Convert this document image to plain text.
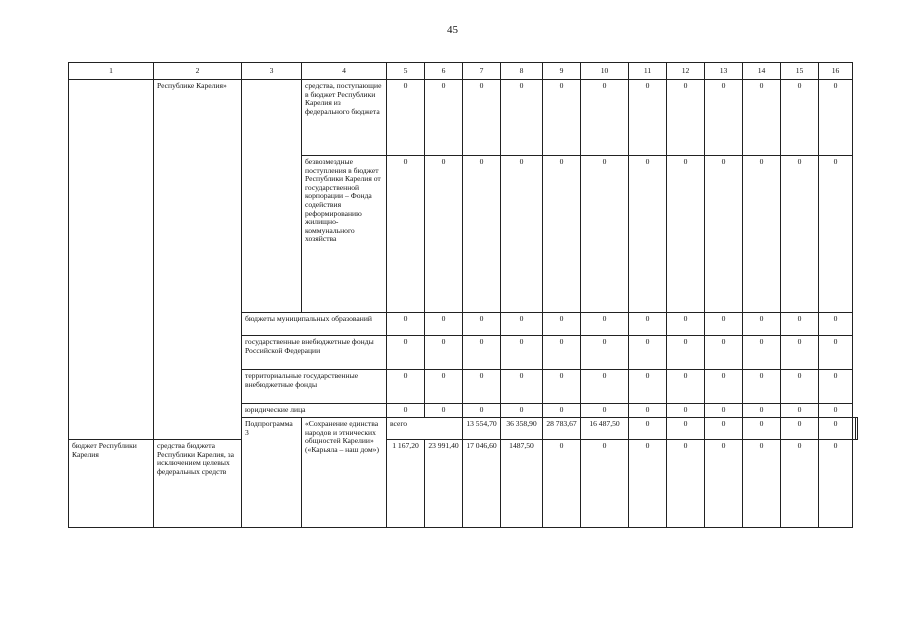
45
1	2	3	4	5	6	7	8	9	10	11	12	13	14	15	16		
	Республике Карелия»		средства, поступающие в бюджет Республики Карелия из федерального бюджета	0	0	0	0	0	0	0	0	0	0	0	0		
			безвозмездные поступления в бюджет Республики Карелия от государственной корпорации – Фонда содействия реформированию жилищно-коммунального хозяйства	0	0	0	0	0	0	0	0	0	0	0	0		
		бюджеты муниципальных образований		0	0	0	0	0	0	0	0	0	0	0	0		
		государственные внебюджетные фонды Российской Федерации		0	0	0	0	0	0	0	0	0	0	0	0		
		территориальные государственные внебюджетные фонды		0	0	0	0	0	0	0	0	0	0	0	0		
		юридические лица		0	0	0	0	0	0	0	0	0	0	0	0		
		Подпрограмма 3	«Сохранение единства народов и этнических общностей Карелии» («Карьяла – наш дом»)	всего		13 554,70	36 358,90	28 783,67	16 487,50	0	0	0	0	0	0		
бюджет Республики Карелия	средства бюджета Республики Карелия, за исключением целевых федеральных средств			1 167,20	23 991,40	17 046,60	1487,50	0	0	0	0	0	0	0	0		
